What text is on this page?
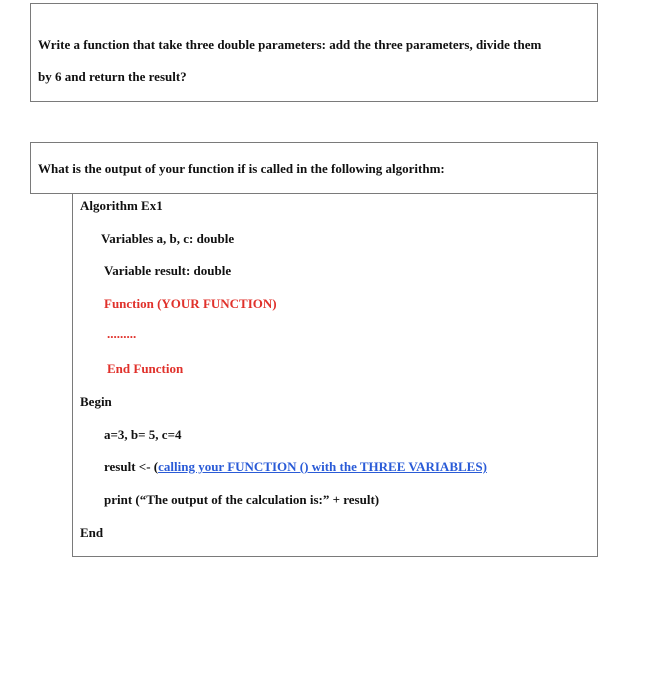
Write a function that take three double parameters: add the three parameters, divide them
by 6 and return the result?
What is the output of your function if is called in the following algorithm:
Algorithm Ex1
Variables a, b, c: double
Variable result: double
Function (YOUR FUNCTION)
.........
End Function
Begin
a=3, b= 5, c=4
result <- (calling your FUNCTION () with the THREE VARIABLES)
print (“The output of the calculation is:” + result)
End
